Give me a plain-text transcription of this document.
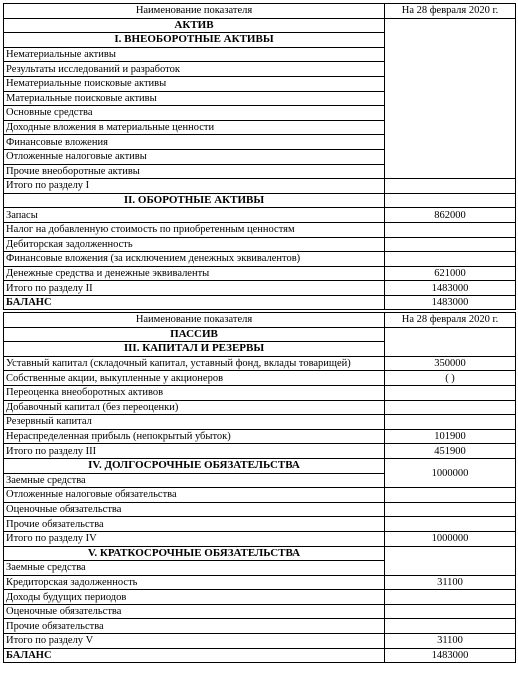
Наименование показателя	На 28 февраля 2020 г.
АКТИВ	
I. ВНЕОБОРОТНЫЕ АКТИВЫ	
Нематериальные активы	
Результаты исследований и разработок	
Нематериальные поисковые активы	
Материальные поисковые активы	
Основные средства	
Доходные вложения в материальные ценности	
Финансовые вложения	
Отложенные налоговые активы	
Прочие внеоборотные активы	
Итого по разделу I	
II. ОБОРОТНЫЕ АКТИВЫ	
Запасы	862000
Налог на добавленную стоимость по приобретенным ценностям	
Дебиторская задолженность	
Финансовые вложения (за исключением денежных эквивалентов)	
Денежные средства и денежные эквиваленты	621000
Итого по разделу II	1483000
БАЛАНС	1483000
Наименование показателя	На 28 февраля 2020 г.
ПАССИВ	
III. КАПИТАЛ И РЕЗЕРВЫ	
Уставный капитал (складочный капитал, уставный фонд, вклады товарищей)	350000
Собственные акции, выкупленные у акционеров	( )
Переоценка внеоборотных активов	
Добавочный капитал (без переоценки)	
Резервный капитал	
Нераспределенная прибыль (непокрытый убыток)	101900
Итого по разделу III	451900
IV. ДОЛГОСРОЧНЫЕ ОБЯЗАТЕЛЬСТВА	1000000
Заемные средства	
Отложенные налоговые обязательства	
Оценочные обязательства	
Прочие обязательства	
Итого по разделу IV	1000000
V. КРАТКОСРОЧНЫЕ ОБЯЗАТЕЛЬСТВА	
Заемные средства	
Кредиторская задолженность	31100
Доходы будущих периодов	
Оценочные обязательства	
Прочие обязательства	
Итого по разделу V	31100
БАЛАНС	1483000
